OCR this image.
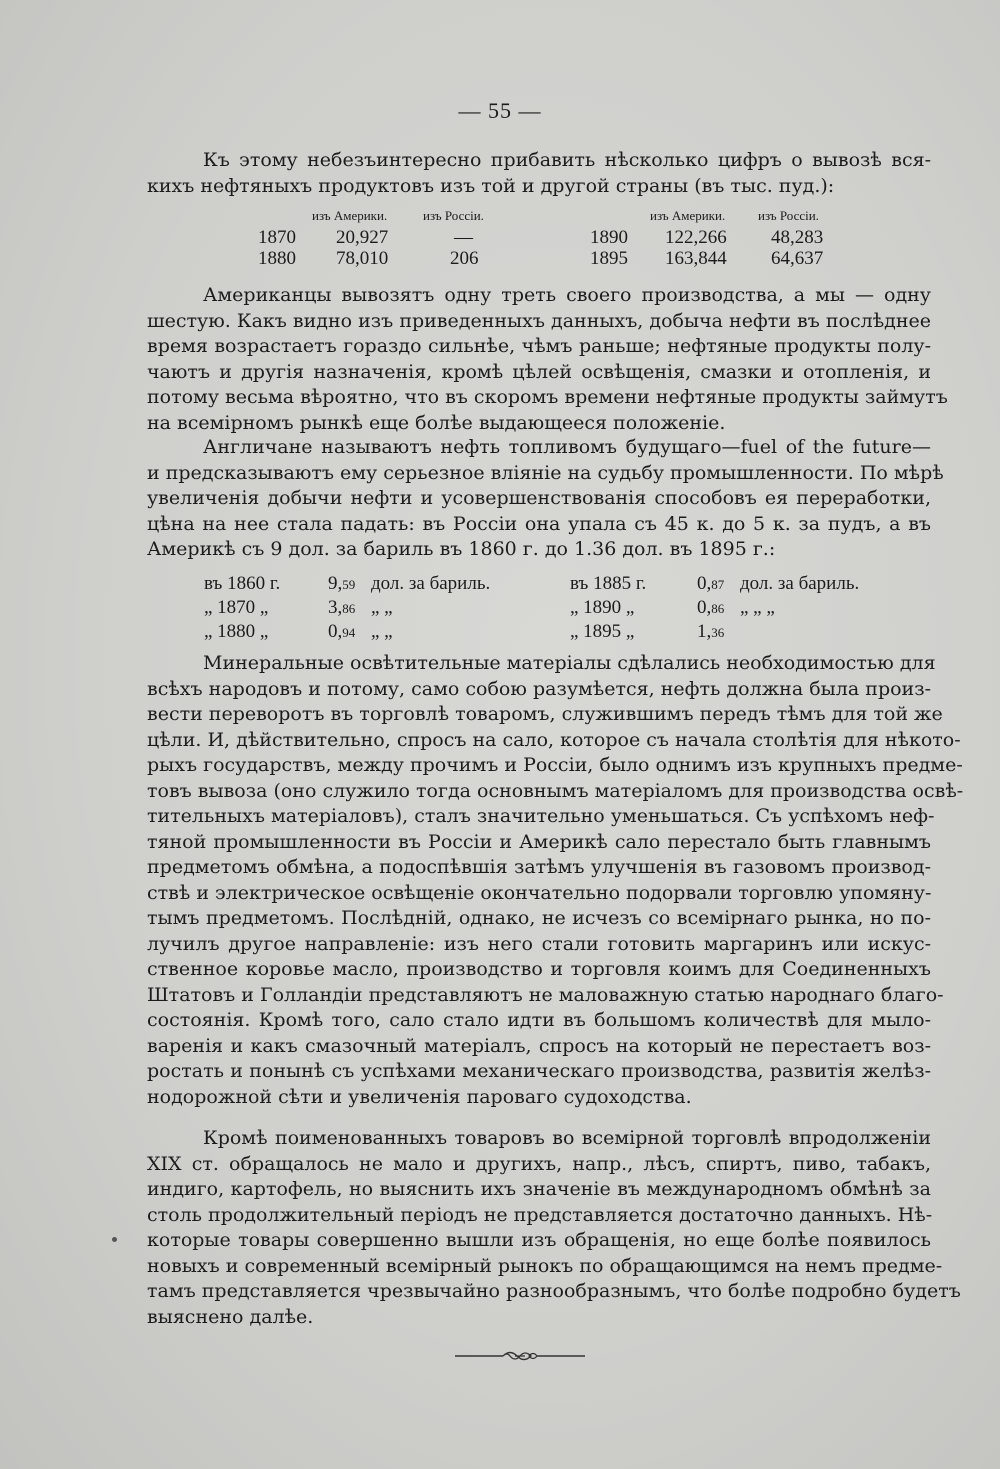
— 55 —
Къ этому небезъинтересно прибавить нѣсколько цифръ о вывозѣ вся-
кихъ нефтяныхъ продуктовъ изъ той и другой страны (въ тыс. пуд.):
изъ Америки.	изъ Россіи.	изъ Америки.	изъ Россіи.
1870 20,927	—	1890 122,266 48,283
1880 78,010	206	1895 163,844 64,637
Американцы вывозятъ одну треть своего производства, а мы — одну
шестую. Какъ видно изъ приведенныхъ данныхъ, добыча нефти въ послѣднее
время возрастаетъ гораздо сильнѣе, чѣмъ раньше; нефтяные продукты полу-
чаютъ и другія назначенія, кромѣ цѣлей освѣщенія, смазки и отопленія, и
потому весьма вѣроятно, что въ скоромъ времени нефтяные продукты займутъ
на всемірномъ рынкѣ еще болѣе выдающееся положеніе.
Англичане называютъ нефть топливомъ будущаго—fuel of the future—
и предсказываютъ ему серьезное вліяніе на судьбу промышленности. По мѣрѣ
увеличенія добычи нефти и усовершенствованія способовъ ея переработки,
цѣна на нее стала падать: въ Россіи она упала съ 45 к. до 5 к. за пудъ, а въ
Америкѣ съ 9 дол. за бариль въ 1860 г. до 1.36 дол. въ 1895 г.:
въ 1860 г.	9,59 дол. за бариль.	въ 1885 г.	0,87 дол. за бариль.
„ 1870 „	3,86 „ „	„ 1890 „	0,86 „ „ „
„ 1880 „	0,94 „ „	„ 1895 „	1,36
Минеральные освѣтительные матеріалы сдѣлались необходимостью для
всѣхъ народовъ и потому, само собою разумѣется, нефть должна была произ-
вести переворотъ въ торговлѣ товаромъ, служившимъ передъ тѣмъ для той же
цѣли. И, дѣйствительно, спросъ на сало, которое съ начала столѣтія для нѣкото-
рыхъ государствъ, между прочимъ и Россіи, было однимъ изъ крупныхъ предме-
товъ вывоза (оно служило тогда основнымъ матеріаломъ для производства освѣ-
тительныхъ матеріаловъ), сталъ значительно уменьшаться. Съ успѣхомъ неф-
тяной промышленности въ Россіи и Америкѣ сало перестало быть главнымъ
предметомъ обмѣна, а подоспѣвшія затѣмъ улучшенія въ газовомъ производ-
ствѣ и электрическое освѣщеніе окончательно подорвали торговлю упомяну-
тымъ предметомъ. Послѣдній, однако, не исчезъ со всемірнаго рынка, но по-
лучилъ другое направленіе: изъ него стали готовить маргаринъ или искус-
ственное коровье масло, производство и торговля коимъ для Соединенныхъ
Штатовъ и Голландіи представляютъ не маловажную статью народнаго благо-
состоянія. Кромѣ того, сало стало идти въ большомъ количествѣ для мыло-
варенія и какъ смазочный матеріалъ, спросъ на который не перестаетъ воз-
ростать и понынѣ съ успѣхами механическаго производства, развитія желѣз-
нодорожной сѣти и увеличенія пароваго судоходства.
Кромѣ поименованныхъ товаровъ во всемірной торговлѣ впродолженіи
XIX ст. обращалось не мало и другихъ, напр., лѣсъ, спиртъ, пиво, табакъ,
индиго, картофель, но выяснить ихъ значеніе въ международномъ обмѣнѣ за
столь продолжительный періодъ не представляется достаточно данныхъ. Нѣ-
которые товары совершенно вышли изъ обращенія, но еще болѣе появилось
новыхъ и современный всемірный рынокъ по обращающимся на немъ предме-
тамъ представляется чрезвычайно разнообразнымъ, что болѣе подробно будетъ
выяснено далѣе.
